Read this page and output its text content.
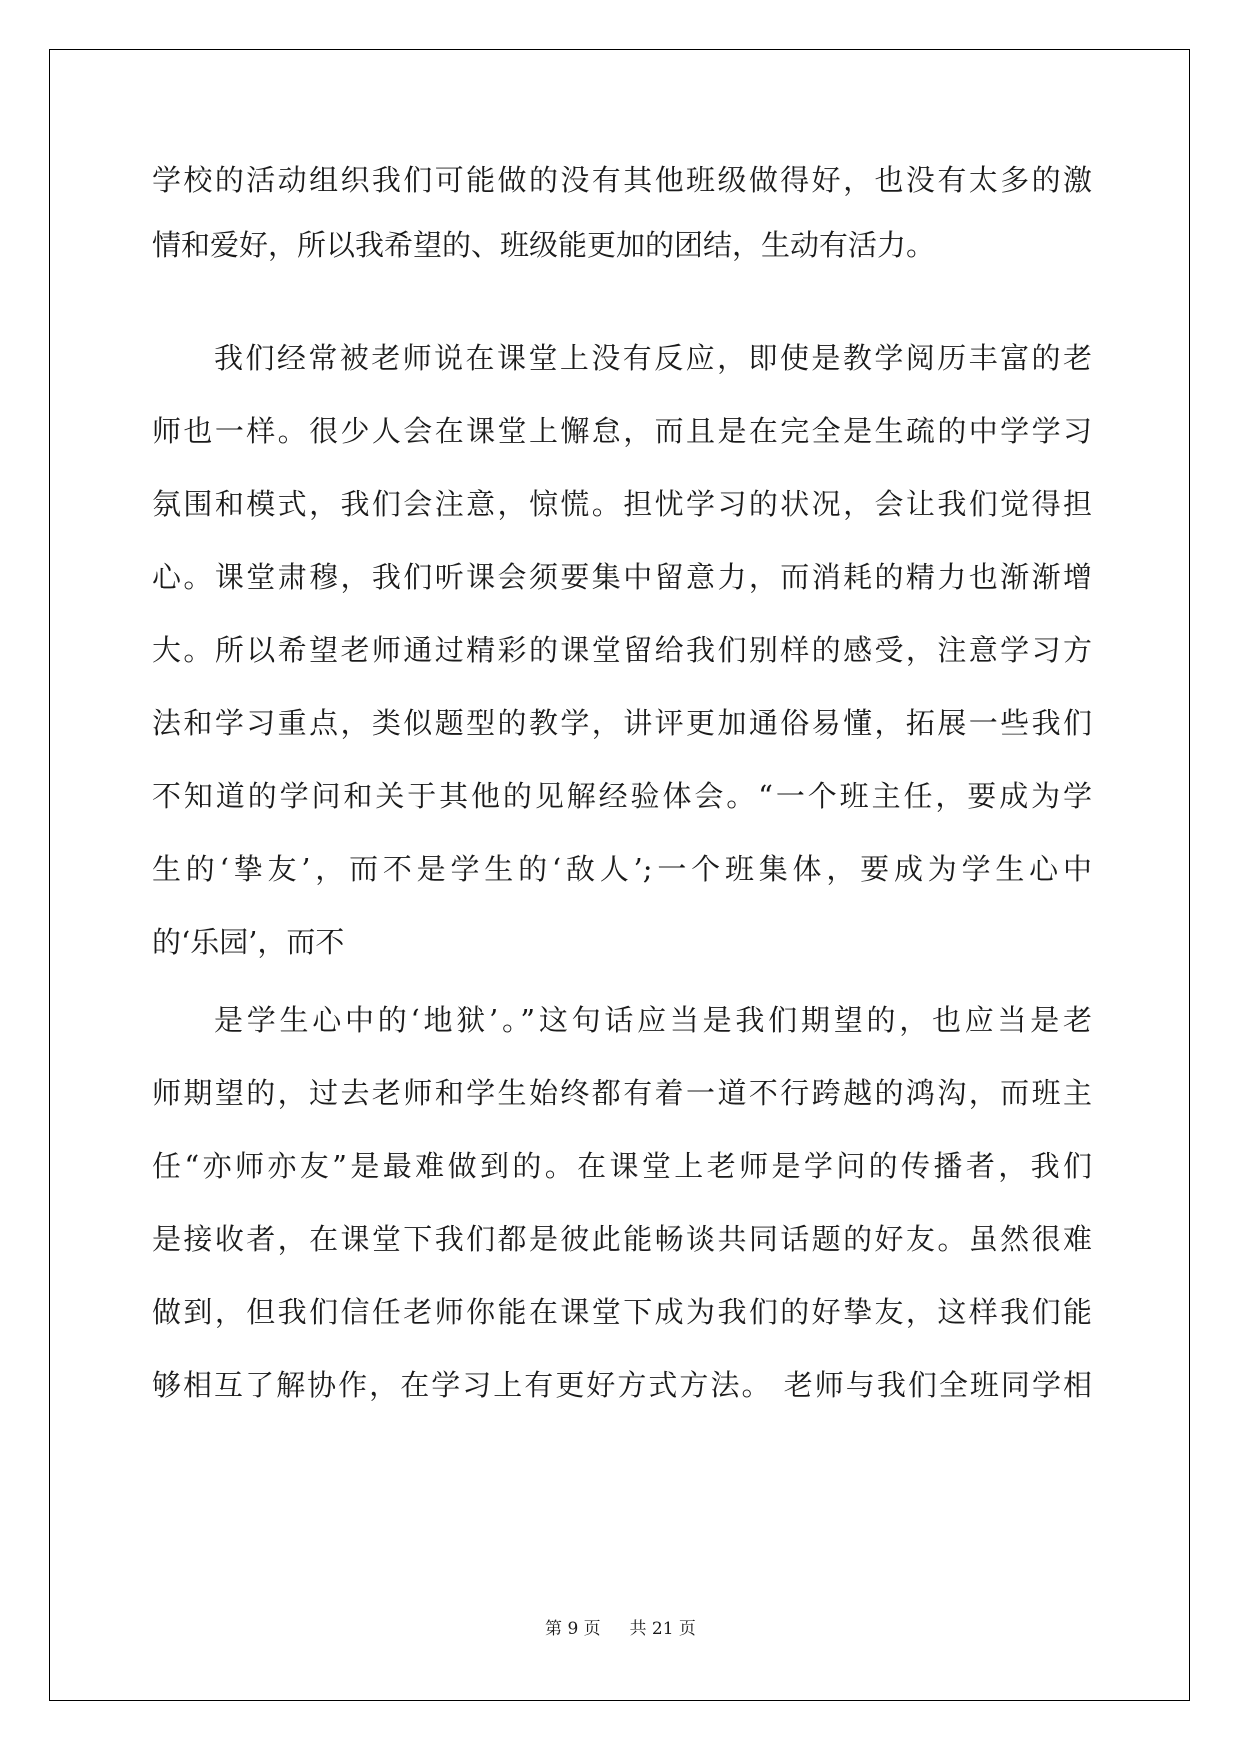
学校的活动组织我们可能做的没有其他班级做得好，也没有太多的激
情和爱好，所以我希望的、班级能更加的团结，生动有活力。
我们经常被老师说在课堂上没有反应，即使是教学阅历丰富的老
师也一样。很少人会在课堂上懈怠，而且是在完全是生疏的中学学习
氛围和模式，我们会注意，惊慌。担忧学习的状况，会让我们觉得担
心。课堂肃穆，我们听课会须要集中留意力，而消耗的精力也渐渐增
大。所以希望老师通过精彩的课堂留给我们别样的感受，注意学习方
法和学习重点，类似题型的教学，讲评更加通俗易懂，拓展一些我们
不知道的学问和关于其他的见解经验体会。“一个班主任，要成为学
生的‘挚友’，而不是学生的‘敌人’;一个班集体，要成为学生心中
的‘乐园’，而不
是学生心中的‘地狱’。”这句话应当是我们期望的，也应当是老
师期望的，过去老师和学生始终都有着一道不行跨越的鸿沟，而班主
任“亦师亦友”是最难做到的。在课堂上老师是学问的传播者，我们
是接收者，在课堂下我们都是彼此能畅谈共同话题的好友。虽然很难
做到，但我们信任老师你能在课堂下成为我们的好挚友，这样我们能
够相互了解协作，在学习上有更好方式方法。 老师与我们全班同学相
第 9 页 共 21 页
